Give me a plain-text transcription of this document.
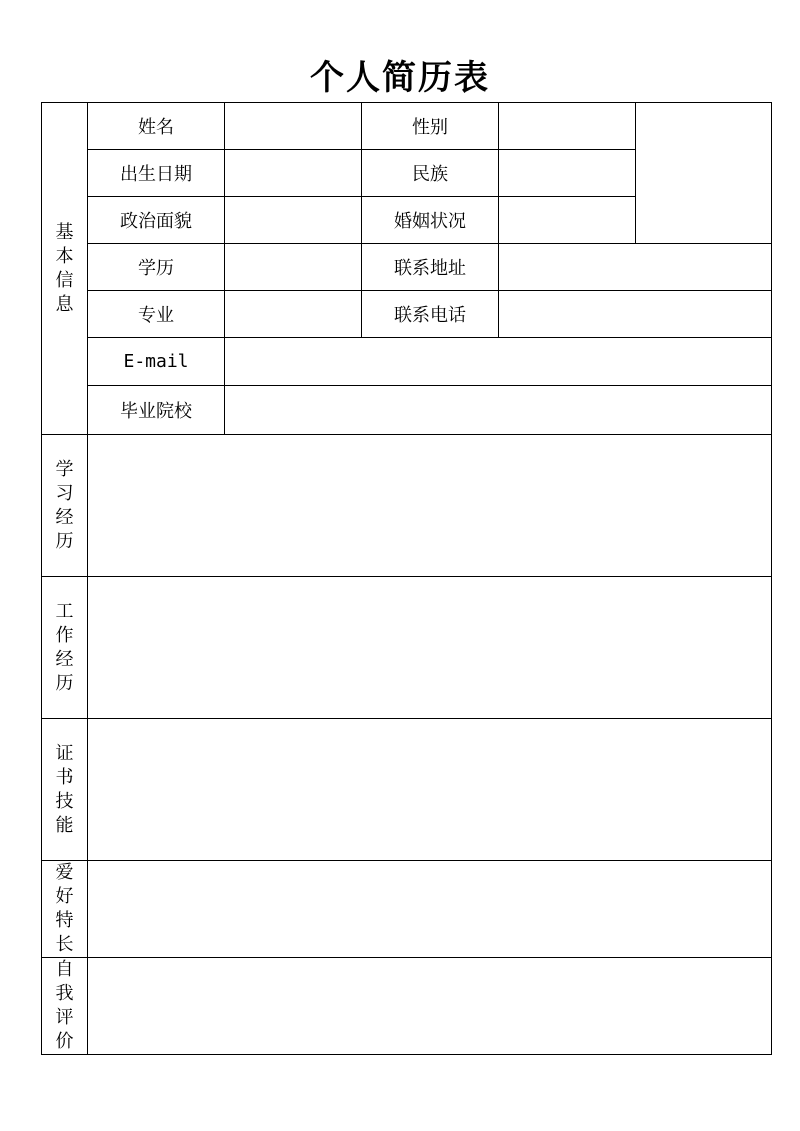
个人简历表
基
本
信
息	姓名		性别		
	出生日期		民族		
	政治面貌		婚姻状况		
	学历		联系地址		
	专业		联系电话		
	E-mail				
	毕业院校				

学
习
经
历					

工
作
经
历					

证
书
技
能					

爱
好
特
长					

自
我
评
价					
